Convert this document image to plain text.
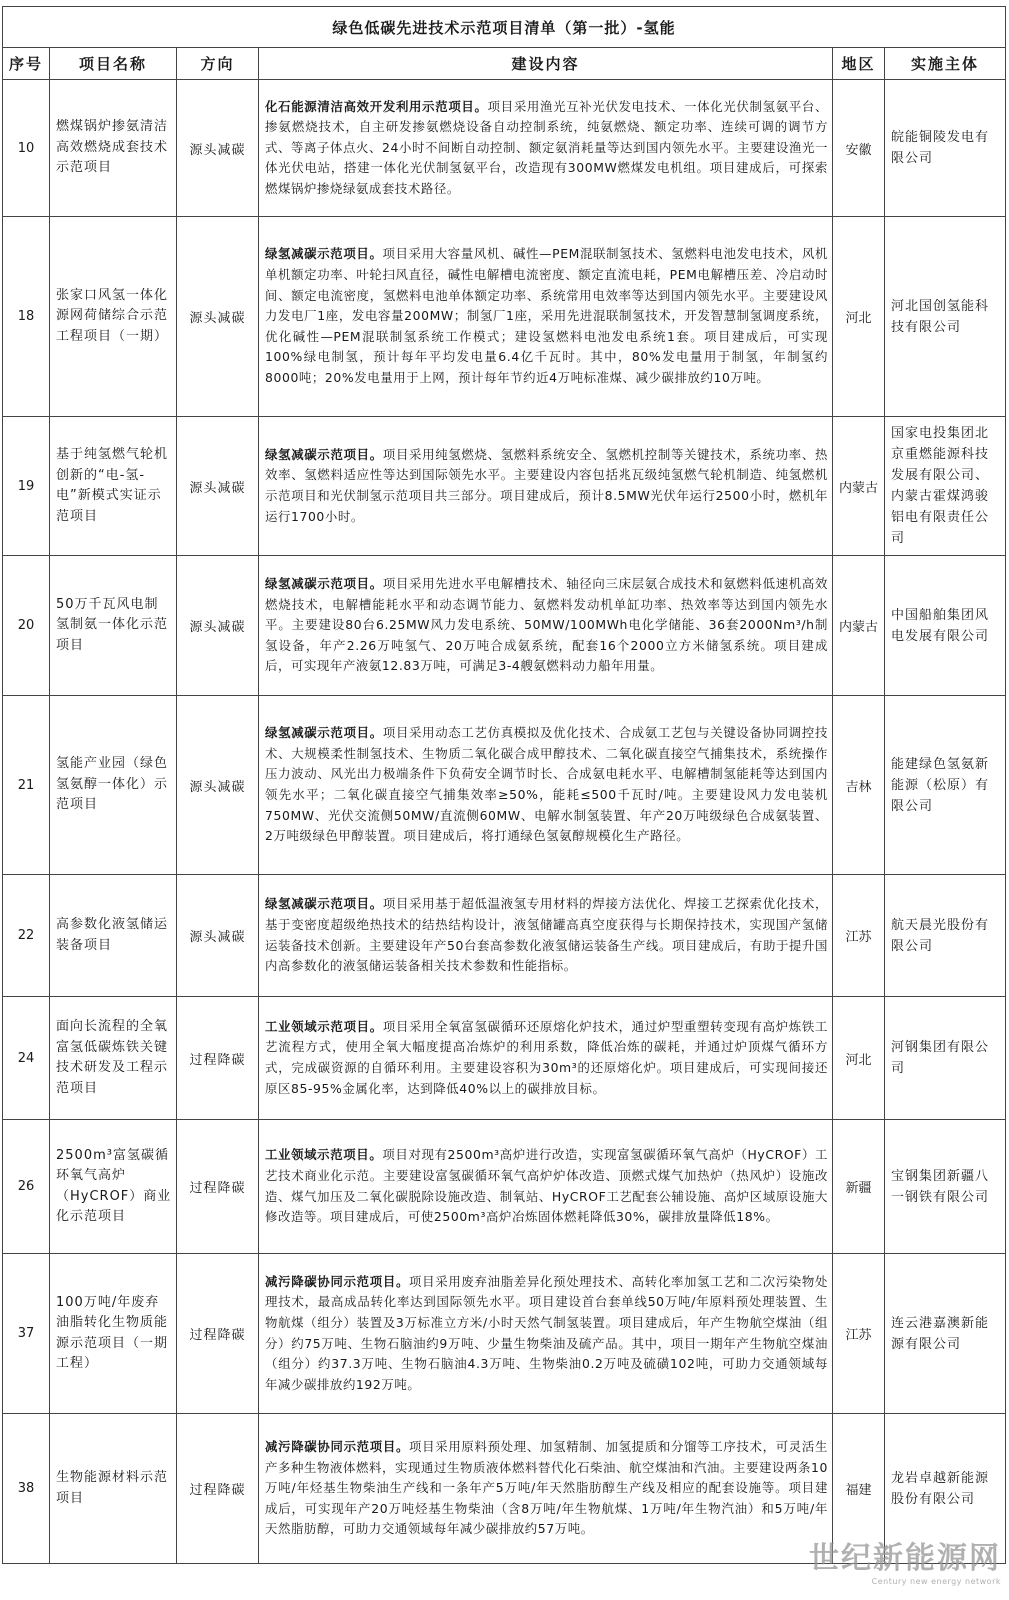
绿色低碳先进技术示范项目清单（第一批）-氢能					
序号	项目名称	方向	建设内容	地区	实施主体
10	燃煤锅炉掺氨清洁高效燃烧成套技术示范项目	源头减碳	化石能源清洁高效开发利用示范项目。项目采用渔光互补光伏发电技术、一体化光伏制氢氨平台、掺氨燃烧技术，自主研发掺氨燃烧设备自动控制系统，纯氨燃烧、额定功率、连续可调的调节方式、等离子体点火、24小时不间断自动控制、额定氨消耗量等达到国内领先水平。主要建设渔光一体光伏电站，搭建一体化光伏制氢氨平台，改造现有300MW燃煤发电机组。项目建成后，可探索燃煤锅炉掺烧绿氨成套技术路径。	安徽	皖能铜陵发电有限公司
18	张家口风氢一体化源网荷储综合示范工程项目（一期）	源头减碳	绿氢减碳示范项目。项目采用大容量风机、碱性—PEM混联制氢技术、氢燃料电池发电技术，风机单机额定功率、叶轮扫风直径，碱性电解槽电流密度、额定直流电耗，PEM电解槽压差、冷启动时间、额定电流密度，氢燃料电池单体额定功率、系统常用电效率等达到国内领先水平。主要建设风力发电厂1座，发电容量200MW；制氢厂1座，采用先进混联制氢技术，开发智慧制氢调度系统，优化碱性—PEM混联制氢系统工作模式；建设氢燃料电池发电系统1套。项目建成后，可实现100%绿电制氢，预计每年平均发电量6.4亿千瓦时。其中，80%发电量用于制氢，年制氢约8000吨；20%发电量用于上网，预计每年节约近4万吨标准煤、减少碳排放约10万吨。	河北	河北国创氢能科技有限公司
19	基于纯氢燃气轮机创新的“电-氢-电”新模式实证示范项目	源头减碳	绿氢减碳示范项目。项目采用纯氢燃烧、氢燃料系统安全、氢燃机控制等关键技术，系统功率、热效率、氢燃料适应性等达到国际领先水平。主要建设内容包括兆瓦级纯氢燃气轮机制造、纯氢燃机示范项目和光伏制氢示范项目共三部分。项目建成后，预计8.5MW光伏年运行2500小时，燃机年运行1700小时。	内蒙古	国家电投集团北京重燃能源科技发展有限公司、内蒙古霍煤鸿骏铝电有限责任公司
20	50万千瓦风电制氢制氨一体化示范项目	源头减碳	绿氢减碳示范项目。项目采用先进水平电解槽技术、轴径向三床层氨合成技术和氨燃料低速机高效燃烧技术，电解槽能耗水平和动态调节能力、氨燃料发动机单缸功率、热效率等达到国内领先水平。主要建设80台6.25MW风力发电系统、50MW/100MWh电化学储能、36套2000Nm³/h制氢设备，年产2.26万吨氢气、20万吨合成氨系统，配套16个2000立方米储氢系统。项目建成后，可实现年产液氨12.83万吨，可满足3-4艘氨燃料动力船年用量。	内蒙古	中国船舶集团风电发展有限公司
21	氢能产业园（绿色氢氨醇一体化）示范项目	源头减碳	绿氢减碳示范项目。项目采用动态工艺仿真模拟及优化技术、合成氨工艺包与关键设备协同调控技术、大规模柔性制氢技术、生物质二氧化碳合成甲醇技术、二氧化碳直接空气捕集技术，系统操作压力波动、风光出力极端条件下负荷安全调节时长、合成氨电耗水平、电解槽制氢能耗等达到国内领先水平；二氧化碳直接空气捕集效率≥50%，能耗≤500千瓦时/吨。主要建设风力发电装机750MW、光伏交流侧50MW/直流侧60MW、电解水制氢装置、年产20万吨级绿色合成氨装置、2万吨级绿色甲醇装置。项目建成后，将打通绿色氢氨醇规模化生产路径。	吉林	能建绿色氢氨新能源（松原）有限公司
22	高参数化液氢储运装备项目	源头减碳	绿氢减碳示范项目。项目采用基于超低温液氢专用材料的焊接方法优化、焊接工艺探索优化技术，基于变密度超级绝热技术的结热结构设计，液氢储罐高真空度获得与长期保持技术，实现国产氢储运装备技术创新。主要建设年产50台套高参数化液氢储运装备生产线。项目建成后，有助于提升国内高参数化的液氢储运装备相关技术参数和性能指标。	江苏	航天晨光股份有限公司
24	面向长流程的全氧富氢低碳炼铁关键技术研发及工程示范项目	过程降碳	工业领域示范项目。项目采用全氧富氢碳循环还原熔化炉技术，通过炉型重塑转变现有高炉炼铁工艺流程方式，使用全氧大幅度提高冶炼炉的利用系数，降低冶炼的碳耗，并通过炉顶煤气循环方式，完成碳资源的自循环利用。主要建设容积为30m³的还原熔化炉。项目建成后，可实现间接还原区85-95%金属化率，达到降低40%以上的碳排放目标。	河北	河钢集团有限公司
26	2500m³富氢碳循环氧气高炉（HyCROF）商业化示范项目	过程降碳	工业领域示范项目。项目对现有2500m³高炉进行改造，实现富氢碳循环氧气高炉（HyCROF）工艺技术商业化示范。主要建设富氢碳循环氧气高炉炉体改造、顶燃式煤气加热炉（热风炉）设施改造、煤气加压及二氧化碳脱除设施改造、制氧站、HyCROF工艺配套公辅设施、高炉区域原设施大修改造等。项目建成后，可使2500m³高炉冶炼固体燃耗降低30%，碳排放量降低18%。	新疆	宝钢集团新疆八一钢铁有限公司
37	100万吨/年废弃油脂转化生物质能源示范项目（一期工程）	过程降碳	减污降碳协同示范项目。项目采用废弃油脂差异化预处理技术、高转化率加氢工艺和二次污染物处理技术，最高成品转化率达到国际领先水平。项目建设首台套单线50万吨/年原料预处理装置、生物航煤（组分）装置及3万标准立方米/小时天然气制氢装置。项目建成后，年产生物航空煤油（组分）约75万吨、生物石脑油约9万吨、少量生物柴油及硫产品。其中，项目一期年产生物航空煤油（组分）约37.3万吨、生物石脑油4.3万吨、生物柴油0.2万吨及硫磺102吨，可助力交通领域每年减少碳排放约192万吨。	江苏	连云港嘉澳新能源有限公司
38	生物能源材料示范项目	过程降碳	减污降碳协同示范项目。项目采用原料预处理、加氢精制、加氢提质和分馏等工序技术，可灵活生产多种生物液体燃料，实现通过生物质液体燃料替代化石柴油、航空煤油和汽油。主要建设两条10万吨/年烃基生物柴油生产线和一条年产5万吨/年天然脂肪醇生产线及相应的配套设施等。项目建成后，可实现年产20万吨烃基生物柴油（含8万吨/年生物航煤、1万吨/年生物汽油）和5万吨/年天然脂肪醇，可助力交通领域每年减少碳排放约57万吨。	福建	龙岩卓越新能源股份有限公司
世纪新能源网
Century new energy network
